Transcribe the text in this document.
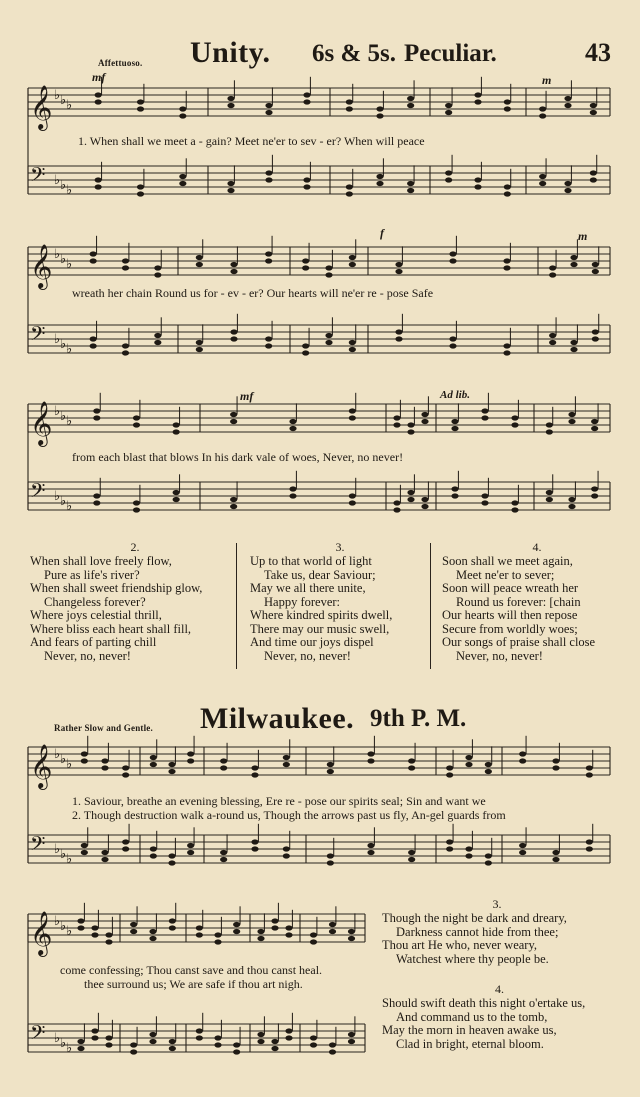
Affettuoso. Unity. 6s & 5s. Peculiar.	43
𝄞 ♭ ♭ ♭
𝄢 ♭ ♭ ♭
𝄞 ♭ ♭ ♭
𝄢 ♭ ♭ ♭
𝄞 ♭ ♭ ♭
𝄢 ♭ ♭ ♭
𝄞 ♭ ♭ ♭
𝄢 ♭ ♭ ♭
𝄞 ♭ ♭ ♭
𝄢 ♭ ♭ ♭
mf	m
f	m
mf	Ad lib.
1. When shall we meet a - gain? Meet ne'er to sev - er? When will peace
wreath her chain Round us for - ev - er? Our hearts will ne'er re - pose Safe
from each blast that blows In his dark vale of woes, Never, no never!
2.
When shall love freely flow,
Pure as life's river?
When shall sweet friendship glow,
Changeless forever?
Where joys celestial thrill,
Where bliss each heart shall fill,
And fears of parting chill
Never, no, never!
3.
Up to that world of light
Take us, dear Saviour;
May we all there unite,
Happy forever:
Where kindred spirits dwell,
There may our music swell,
And time our joys dispel
Never, no, never!
4.
Soon shall we meet again,
Meet ne'er to sever;
Soon will peace wreath her
Round us forever: [chain
Our hearts will then repose
Secure from worldly woes;
Our songs of praise shall close
Never, no, never!
Rather Slow and Gentle. Milwaukee. 9th P. M.
1. Saviour, breathe an evening blessing, Ere re - pose our spirits seal; Sin and want we
2. Though destruction walk a-round us, Though the arrows past us fly, An-gel guards from
come confessing; Thou canst save and thou canst heal.
thee surround us; We are safe if thou art nigh.
3.
Though the night be dark and dreary,
Darkness cannot hide from thee;
Thou art He who, never weary,
Watchest where thy people be.
4.
Should swift death this night o'ertake us,
And command us to the tomb,
May the morn in heaven awake us,
Clad in bright, eternal bloom.
